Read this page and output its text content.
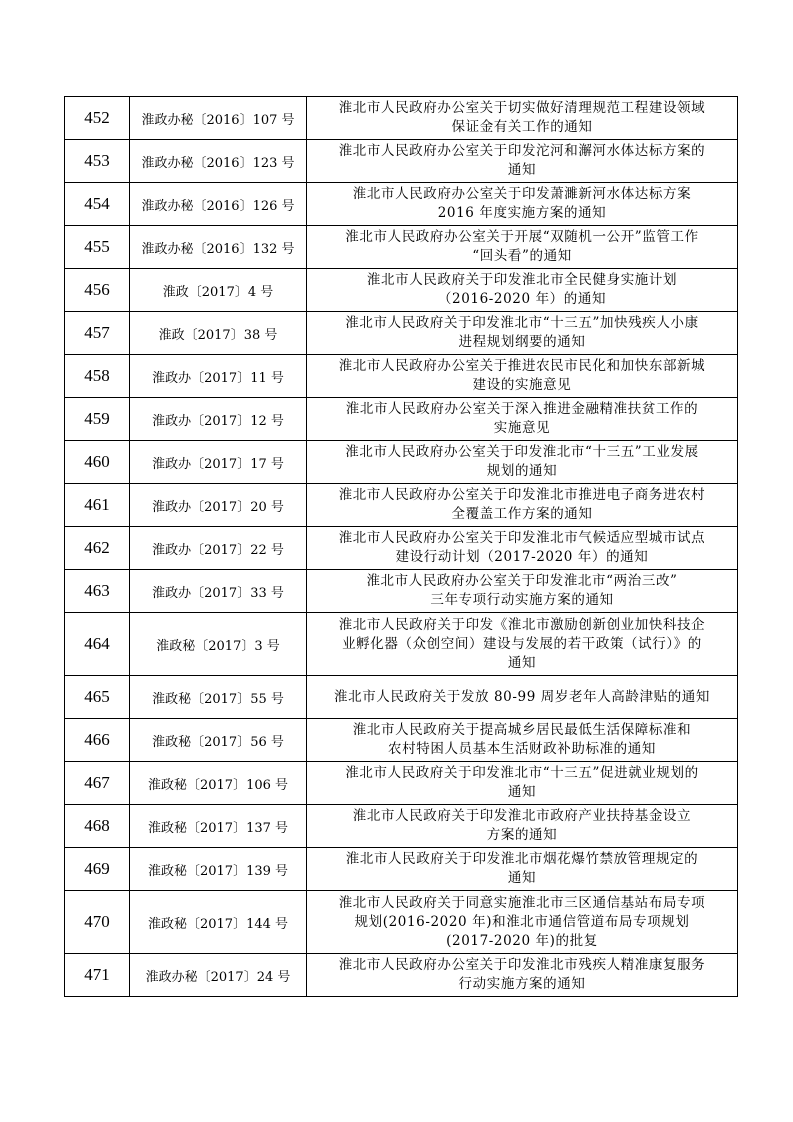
452	淮政办秘〔2016〕107 号	淮北市人民政府办公室关于切实做好清理规范工程建设领域
保证金有关工作的通知

453	淮政办秘〔2016〕123 号	淮北市人民政府办公室关于印发沱河和澥河水体达标方案的
通知

454	淮政办秘〔2016〕126 号	淮北市人民政府办公室关于印发萧濉新河水体达标方案
2016 年度实施方案的通知

455	淮政办秘〔2016〕132 号	淮北市人民政府办公室关于开展“双随机一公开”监管工作
“回头看”的通知

456	淮政〔2017〕4 号	淮北市人民政府关于印发淮北市全民健身实施计划
（2016-2020 年）的通知

457	淮政〔2017〕38 号	淮北市人民政府关于印发淮北市“十三五”加快残疾人小康
进程规划纲要的通知

458	淮政办〔2017〕11 号	淮北市人民政府办公室关于推进农民市民化和加快东部新城
建设的实施意见

459	淮政办〔2017〕12 号	淮北市人民政府办公室关于深入推进金融精准扶贫工作的
实施意见

460	淮政办〔2017〕17 号	淮北市人民政府办公室关于印发淮北市“十三五”工业发展
规划的通知

461	淮政办〔2017〕20 号	淮北市人民政府办公室关于印发淮北市推进电子商务进农村
全覆盖工作方案的通知

462	淮政办〔2017〕22 号	淮北市人民政府办公室关于印发淮北市气候适应型城市试点
建设行动计划（2017-2020 年）的通知

463	淮政办〔2017〕33 号	淮北市人民政府办公室关于印发淮北市“两治三改”
三年专项行动实施方案的通知

464	淮政秘〔2017〕3 号	淮北市人民政府关于印发《淮北市激励创新创业加快科技企
业孵化器（众创空间）建设与发展的若干政策（试行）》的
通知

465	淮政秘〔2017〕55 号	淮北市人民政府关于发放 80-99 周岁老年人高龄津贴的通知

466	淮政秘〔2017〕56 号	淮北市人民政府关于提高城乡居民最低生活保障标准和
农村特困人员基本生活财政补助标准的通知

467	淮政秘〔2017〕106 号	淮北市人民政府关于印发淮北市“十三五”促进就业规划的
通知

468	淮政秘〔2017〕137 号	淮北市人民政府关于印发淮北市政府产业扶持基金设立
方案的通知

469	淮政秘〔2017〕139 号	淮北市人民政府关于印发淮北市烟花爆竹禁放管理规定的
通知

470	淮政秘〔2017〕144 号	淮北市人民政府关于同意实施淮北市三区通信基站布局专项
规划(2016-2020 年)和淮北市通信管道布局专项规划
(2017-2020 年)的批复

471	淮政办秘〔2017〕24 号	淮北市人民政府办公室关于印发淮北市残疾人精准康复服务
行动实施方案的通知
